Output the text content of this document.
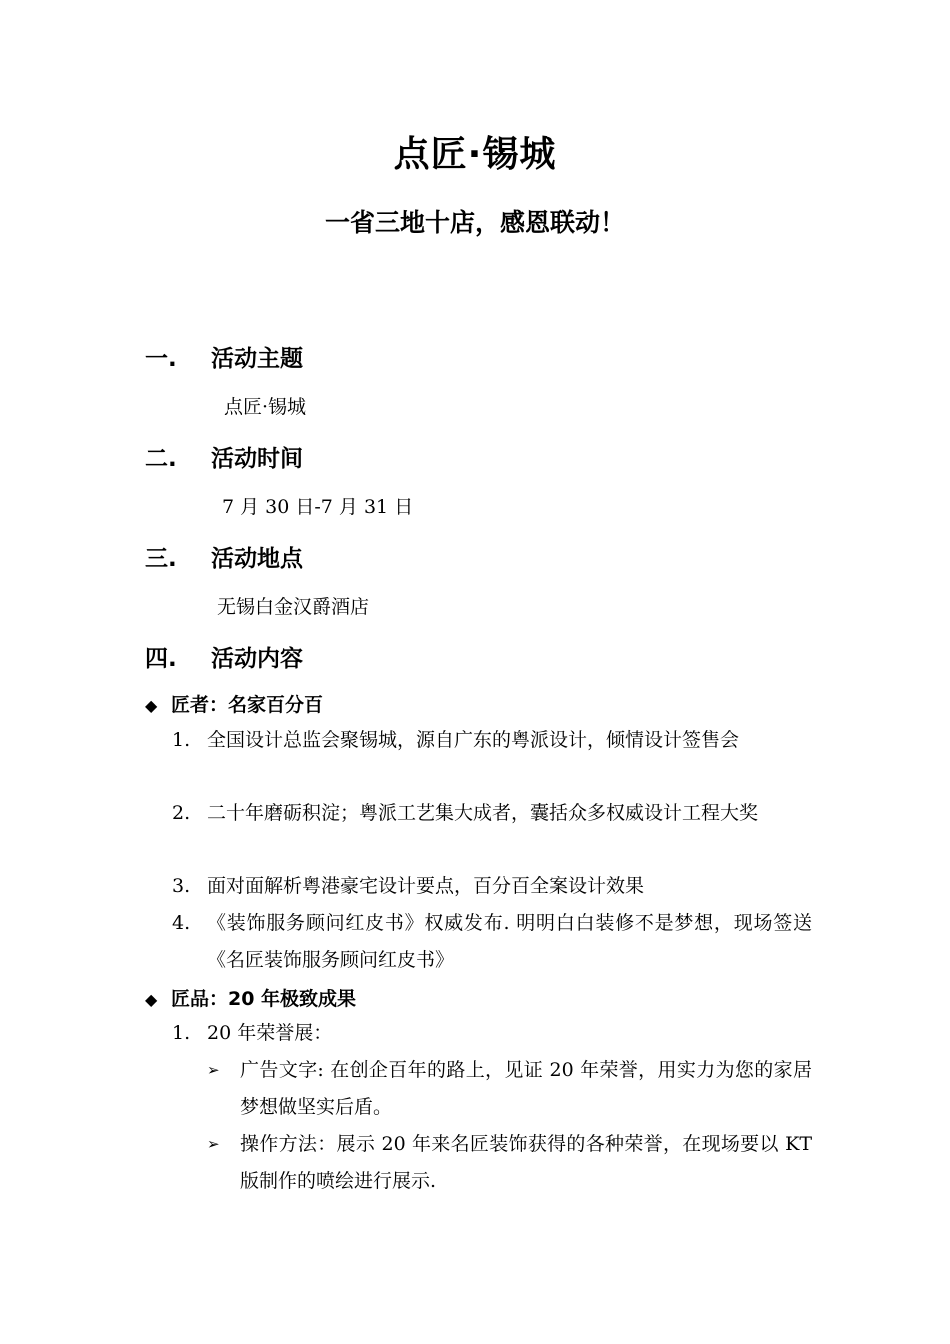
点匠·锡城
一省三地十店，感恩联动！
一. 活动主题
点匠·锡城
二. 活动时间
7 月 30 日-7 月 31 日
三. 活动地点
无锡白金汉爵酒店
四. 活动内容
◆ 匠者：名家百分百
1. 全国设计总监会聚锡城，源自广东的粤派设计，倾情设计签售会
2. 二十年磨砺积淀；粤派工艺集大成者，囊括众多权威设计工程大奖
3. 面对面解析粤港豪宅设计要点，百分百全案设计效果
4. 《装饰服务顾问红皮书》权威发布. 明明白白装修不是梦想，现场签送《名匠装饰服务顾问红皮书》
◆ 匠品：20 年极致成果
1. 20 年荣誉展：
➢ 广告文字: 在创企百年的路上，见证 20 年荣誉，用实力为您的家居梦想做坚实后盾。
➢ 操作方法：展示 20 年来名匠装饰获得的各种荣誉，在现场要以 KT 版制作的喷绘进行展示.
